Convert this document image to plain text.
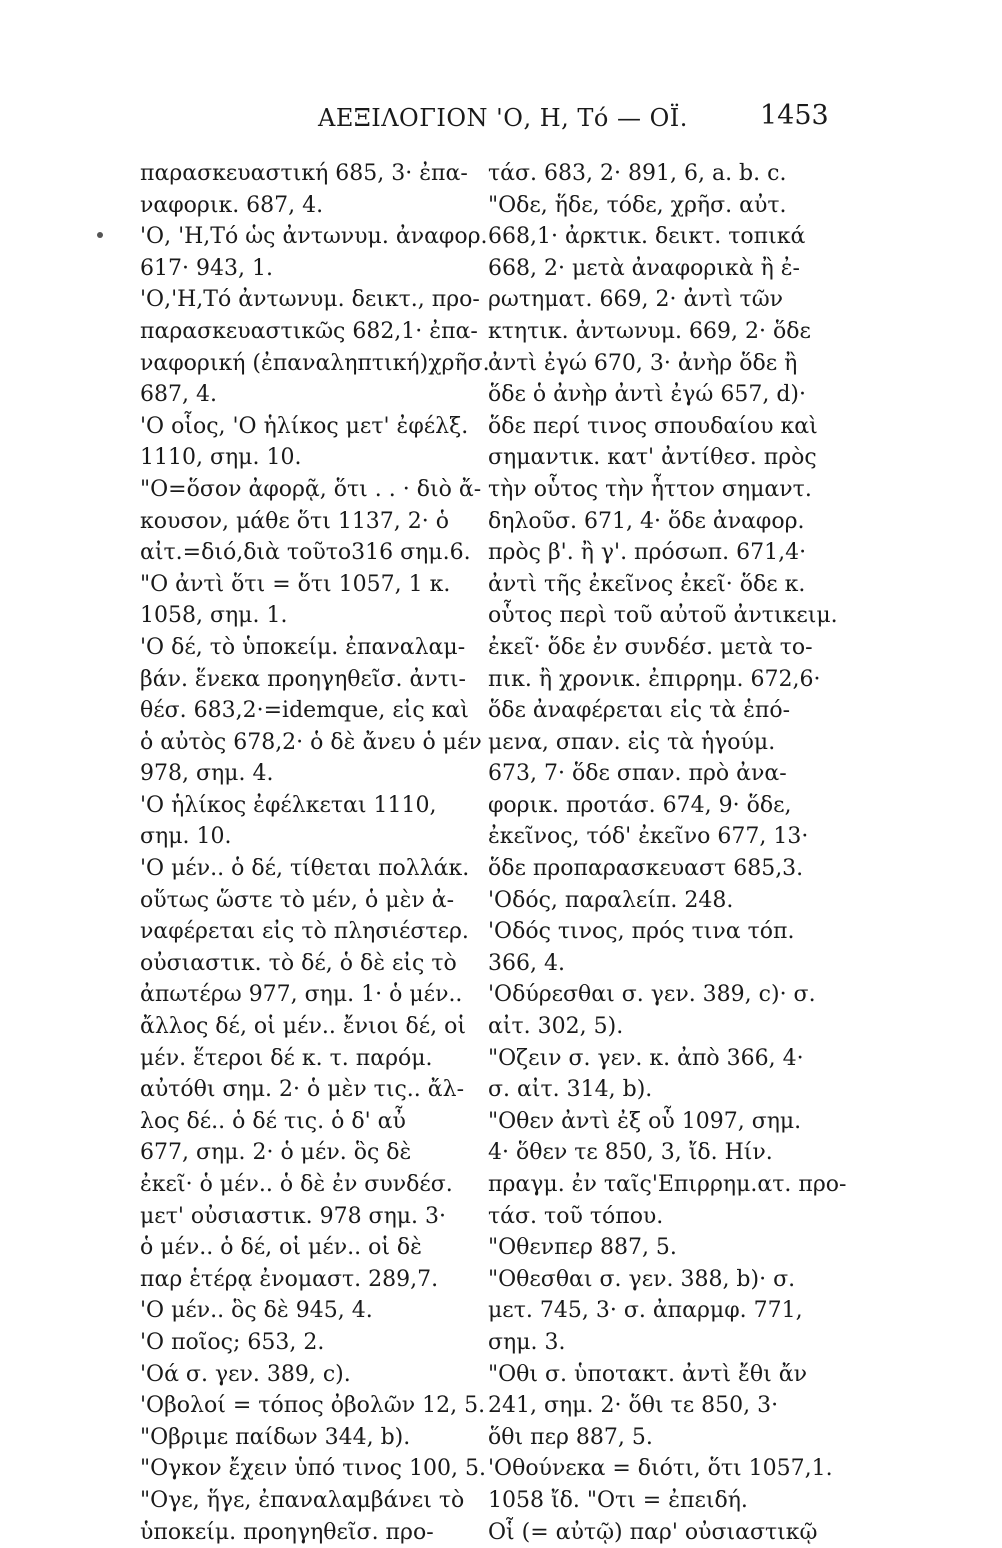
ΑΕΞΙΛΟΓΙΟΝ 'Ο, Η, Τό — ΟΪ.	1453
παρασκευαστική 685, 3· ἐπα-
ναφορικ. 687, 4.
'Ο, 'Η,Τό ὡς ἀντωνυμ. ἀναφορ.
617· 943, 1.
'Ο,'Η,Τό ἀντωνυμ. δεικτ., προ-
παρασκευαστικῶς 682,1· ἐπα-
ναφορική (ἐπαναληπτική)χρῆσ.
687, 4.
'Ο οἷος, 'Ο ἡλίκος μετ' ἐφέλξ.
1110, σημ. 10.
"Ο=ὅσον ἀφορᾷ, ὅτι . . · διὸ ἄ-
κουσον, μάθε ὅτι 1137, 2· ὁ
αἰτ.=διό,διὰ τοῦτο316 σημ.6.
"Ο ἀντὶ ὅτι = ὅτι 1057, 1 κ.
1058, σημ. 1.
'Ο δέ, τὸ ὑποκείμ. ἐπαναλαμ-
βάν. ἕνεκα προηγηθεῖσ. ἀντι-
θέσ. 683,2·=idemque, εἰς καὶ
ὁ αὐτὸς 678,2· ὁ δὲ ἄνευ ὁ μέν
978, σημ. 4.
'Ο ἡλίκος ἐφέλκεται 1110,
σημ. 10.
'Ο μέν.. ὁ δέ, τίθεται πολλάκ.
οὕτως ὥστε τὸ μέν, ὁ μὲν ἀ-
ναφέρεται εἰς τὸ πλησιέστερ.
οὐσιαστικ. τὸ δέ, ὁ δὲ εἰς τὸ
ἀπωτέρω 977, σημ. 1· ὁ μέν..
ἄλλος δέ, οἱ μέν.. ἔνιοι δέ, οἱ
μέν. ἕτεροι δέ κ. τ. παρόμ.
αὐτόθι σημ. 2· ὁ μὲν τις.. ἄλ-
λος δέ.. ὁ δέ τις. ὁ δ' αὖ
677, σημ. 2· ὁ μέν. ὃς δὲ
ἐκεῖ· ὁ μέν.. ὁ δὲ ἐν συνδέσ.
μετ' οὐσιαστικ. 978 σημ. 3·
ὁ μέν.. ὁ δέ, οἱ μέν.. οἱ δὲ
παρ ἑτέρᾳ ἐνομαστ. 289,7.
'Ο μέν.. ὃς δὲ 945, 4.
'Ο ποῖος; 653, 2.
'Οά σ. γεν. 389, c).
'Οβολοί = τόπος ὀβολῶν 12, 5.
"Οβριμε παίδων 344, b).
"Ογκον ἔχειν ὑπό τινος 100, 5.
"Ογε, ἥγε, ἐπαναλαμβάνει τὸ
ὑποκείμ. προηγηθεῖσ. προ-
τάσ. 683, 2· 891, 6, a. b. c.
"Οδε, ἥδε, τόδε, χρῆσ. αὐτ.
668,1· ἀρκτικ. δεικτ. τοπικά
668, 2· μετὰ ἀναφορικὰ ἢ ἐ-
ρωτηματ. 669, 2· ἀντὶ τῶν
κτητικ. ἀντωνυμ. 669, 2· ὅδε
ἀντὶ ἐγώ 670, 3· ἀνὴρ ὅδε ἢ
ὅδε ὁ ἀνὴρ ἀντὶ ἐγώ 657, d)·
ὅδε περί τινος σπουδαίου καὶ
σημαντικ. κατ' ἀντίθεσ. πρὸς
τὴν οὗτος τὴν ἧττον σημαντ.
δηλοῦσ. 671, 4· ὅδε ἀναφορ.
πρὸς β'. ἢ γ'. πρόσωπ. 671,4·
ἀντὶ τῆς ἐκεῖνος ἐκεῖ· ὅδε κ.
οὗτος περὶ τοῦ αὐτοῦ ἀντικειμ.
ἐκεῖ· ὅδε ἐν συνδέσ. μετὰ το-
πικ. ἢ χρονικ. ἐπιρρημ. 672,6·
ὅδε ἀναφέρεται εἰς τὰ ἑπό-
μενα, σπαν. εἰς τὰ ἡγούμ.
673, 7· ὅδε σπαν. πρὸ ἀνα-
φορικ. προτάσ. 674, 9· ὅδε,
ἐκεῖνος, τόδ' ἐκεῖνο 677, 13·
ὅδε προπαρασκευαστ 685,3.
'Οδός, παραλείπ. 248.
'Οδός τινος, πρός τινα τόπ.
366, 4.
'Οδύρεσθαι σ. γεν. 389, c)· σ.
αἰτ. 302, 5).
"Οζειν σ. γεν. κ. ἀπὸ 366, 4·
σ. αἰτ. 314, b).
"Οθεν ἀντὶ ἐξ οὗ 1097, σημ.
4· ὅθεν τε 850, 3, ἴδ. Ηίν.
πραγμ. ἐν ταῖς'Επιρρημ.ατ. προ-
τάσ. τοῦ τόπου.
"Οθενπερ 887, 5.
"Οθεσθαι σ. γεν. 388, b)· σ.
μετ. 745, 3· σ. ἀπαρμφ. 771,
σημ. 3.
"Οθι σ. ὑποτακτ. ἀντὶ ἔθι ἄν
241, σημ. 2· ὅθι τε 850, 3·
ὅθι περ 887, 5.
'Οθούνεκα = διότι, ὅτι 1057,1.
1058 ἴδ. "Οτι = ἐπειδή.
Οἷ (= αὐτῷ) παρ' οὐσιαστικῷ
